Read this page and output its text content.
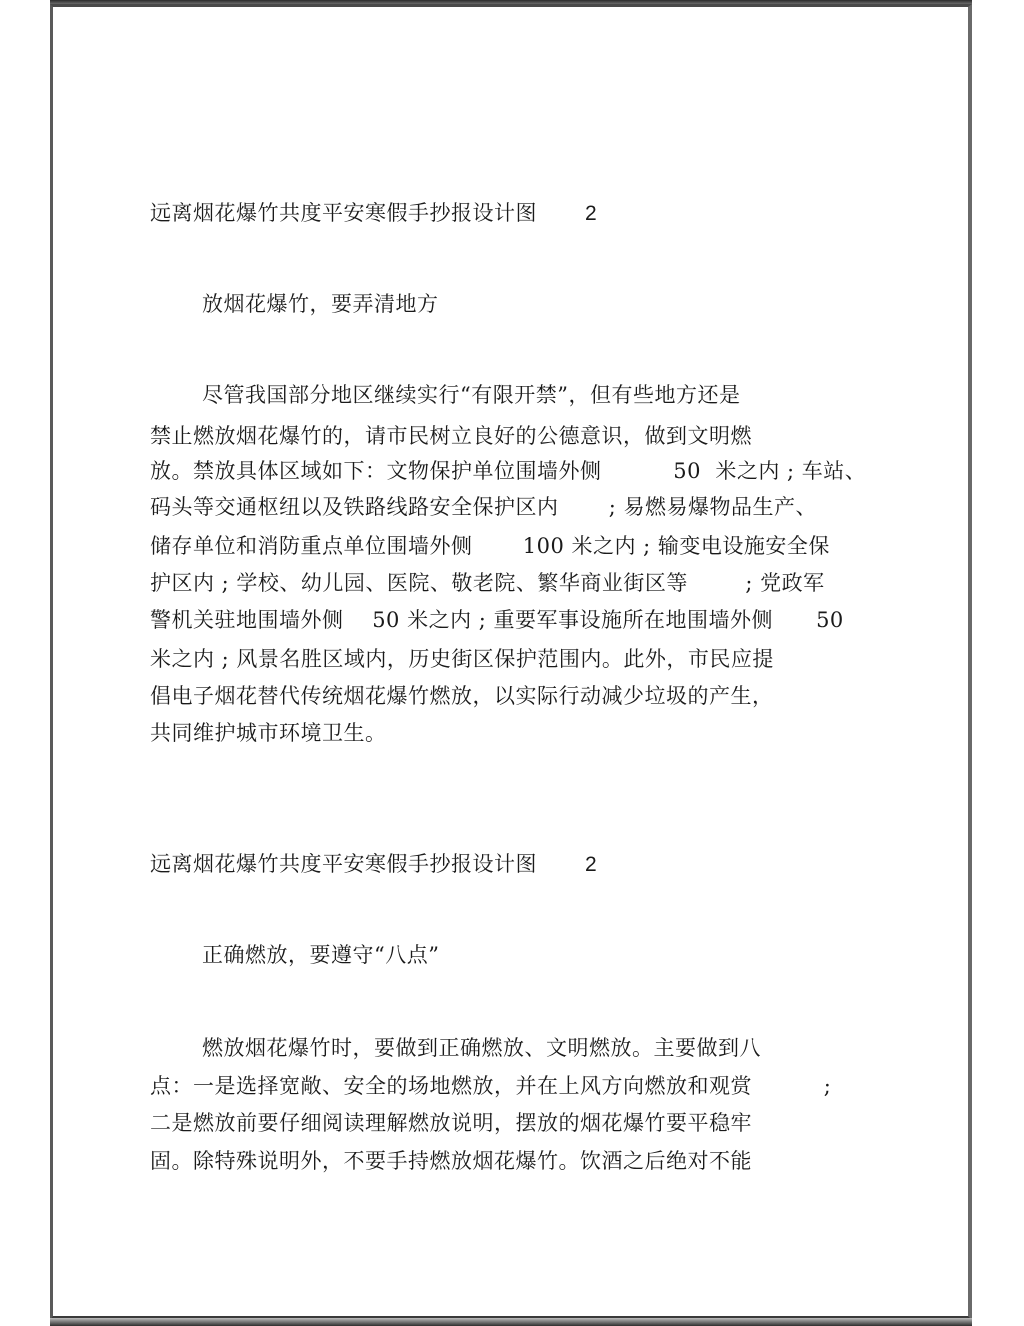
远离烟花爆竹共度平安寒假手抄报设计图 2
放烟花爆竹，要弄清地方
尽管我国部分地区继续实行“有限开禁”，但有些地方还是
禁止燃放烟花爆竹的，请市民树立良好的公德意识，做到文明燃
放。禁放具体区域如下：文物保护单位围墙外侧          50  米之内 ; 车站、
码头等交通枢纽以及铁路线路安全保护区内       ; 易燃易爆物品生产、
储存单位和消防重点单位围墙外侧       100 米之内 ; 输变电设施安全保
护区内 ; 学校、幼儿园、医院、敬老院、繁华商业街区等        ; 党政军
警机关驻地围墙外侧    50 米之内 ; 重要军事设施所在地围墙外侧      50
米之内 ; 风景名胜区域内，历史街区保护范围内。此外，市民应提
倡电子烟花替代传统烟花爆竹燃放，以实际行动减少垃圾的产生，
共同维护城市环境卫生。
远离烟花爆竹共度平安寒假手抄报设计图 2
正确燃放，要遵守“八点”
燃放烟花爆竹时，要做到正确燃放、文明燃放。主要做到八
点：一是选择宽敞、安全的场地燃放，并在上风方向燃放和观赏          ;
二是燃放前要仔细阅读理解燃放说明，摆放的烟花爆竹要平稳牢
固。除特殊说明外，不要手持燃放烟花爆竹。饮酒之后绝对不能
